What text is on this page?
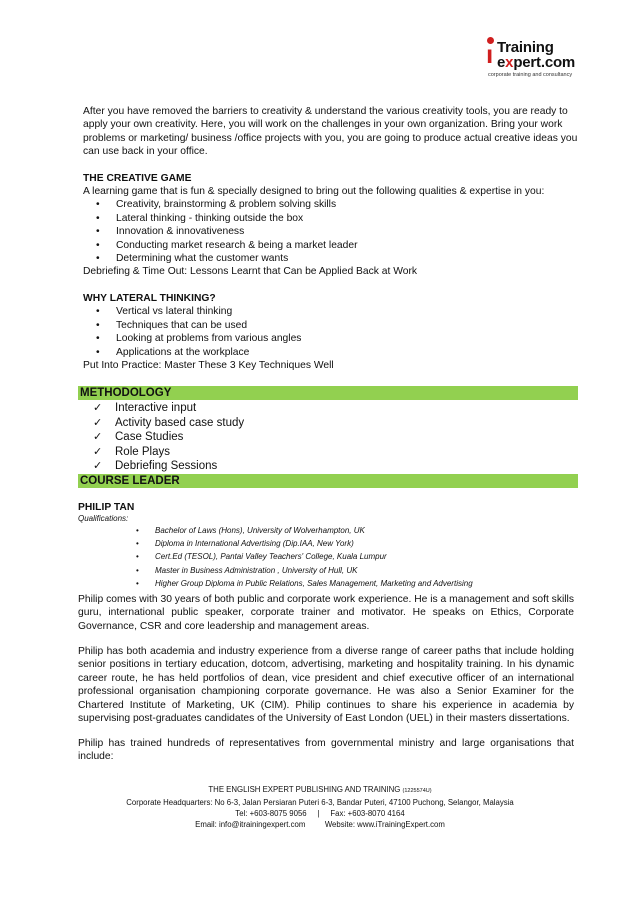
ı Training
expert.com
corporate training and consultancy

After you have removed the barriers to creativity & understand the various creativity tools, you are ready to apply your own creativity. Here, you will work on the challenges in your own organization. Bring your work problems or marketing/ business /office projects with you, you are going to produce actual creative ideas you can use back in your office.

THE CREATIVE GAME

A learning game that is fun & specially designed to bring out the following qualities & expertise in you:

• Creativity, brainstorming & problem solving skills
• Lateral thinking - thinking outside the box
• Innovation & innovativeness
• Conducting market research & being a market leader
• Determining what the customer wants

Debriefing & Time Out: Lessons Learnt that Can be Applied Back at Work

WHY LATERAL THINKING?
• Vertical vs lateral thinking
• Techniques that can be used
• Looking at problems from various angles
• Applications at the workplace

Put Into Practice: Master These 3 Key Techniques Well

METHODOLOGY
✓ Interactive input
✓ Activity based case study
✓ Case Studies
✓ Role Plays
✓ Debriefing Sessions
COURSE LEADER
PHILIP TAN
Qualifications:
• Bachelor of Laws (Hons), University of Wolverhampton, UK
• Diploma in International Advertising (Dip.IAA, New York)
• Cert.Ed (TESOL), Pantai Valley Teachers' College, Kuala Lumpur
• Master in Business Administration , University of Hull, UK
• Higher Group Diploma in Public Relations, Sales Management, Marketing and Advertising

Philip comes with 30 years of both public and corporate work experience. He is a management and soft skills guru, international public speaker, corporate trainer and motivator. He speaks on Ethics, Corporate Governance, CSR and core leadership and management areas.

Philip has both academia and industry experience from a diverse range of career paths that include holding senior positions in tertiary education, dotcom, advertising, marketing and hospitality training. In his dynamic career route, he has held portfolios of dean, vice president and chief executive officer of an international professional organisation championing corporate governance. He was also a Senior Examiner for the Chartered Institute of Marketing, UK (CIM). Philip continues to share his experience in academia by supervising post-graduates candidates of the University of East London (UEL) in their masters dissertations.

Philip has trained hundreds of representatives from governmental ministry and large organisations that include:

THE ENGLISH EXPERT PUBLISHING AND TRAINING (1225574U)
Corporate Headquarters: No 6-3, Jalan Persiaran Puteri 6-3, Bandar Puteri, 47100 Puchong, Selangor, Malaysia
Tel: +603-8075 9056 | Fax: +603-8070 4164
Email: info@itrainingexpert.com	Website: www.iTrainingExpert.com
